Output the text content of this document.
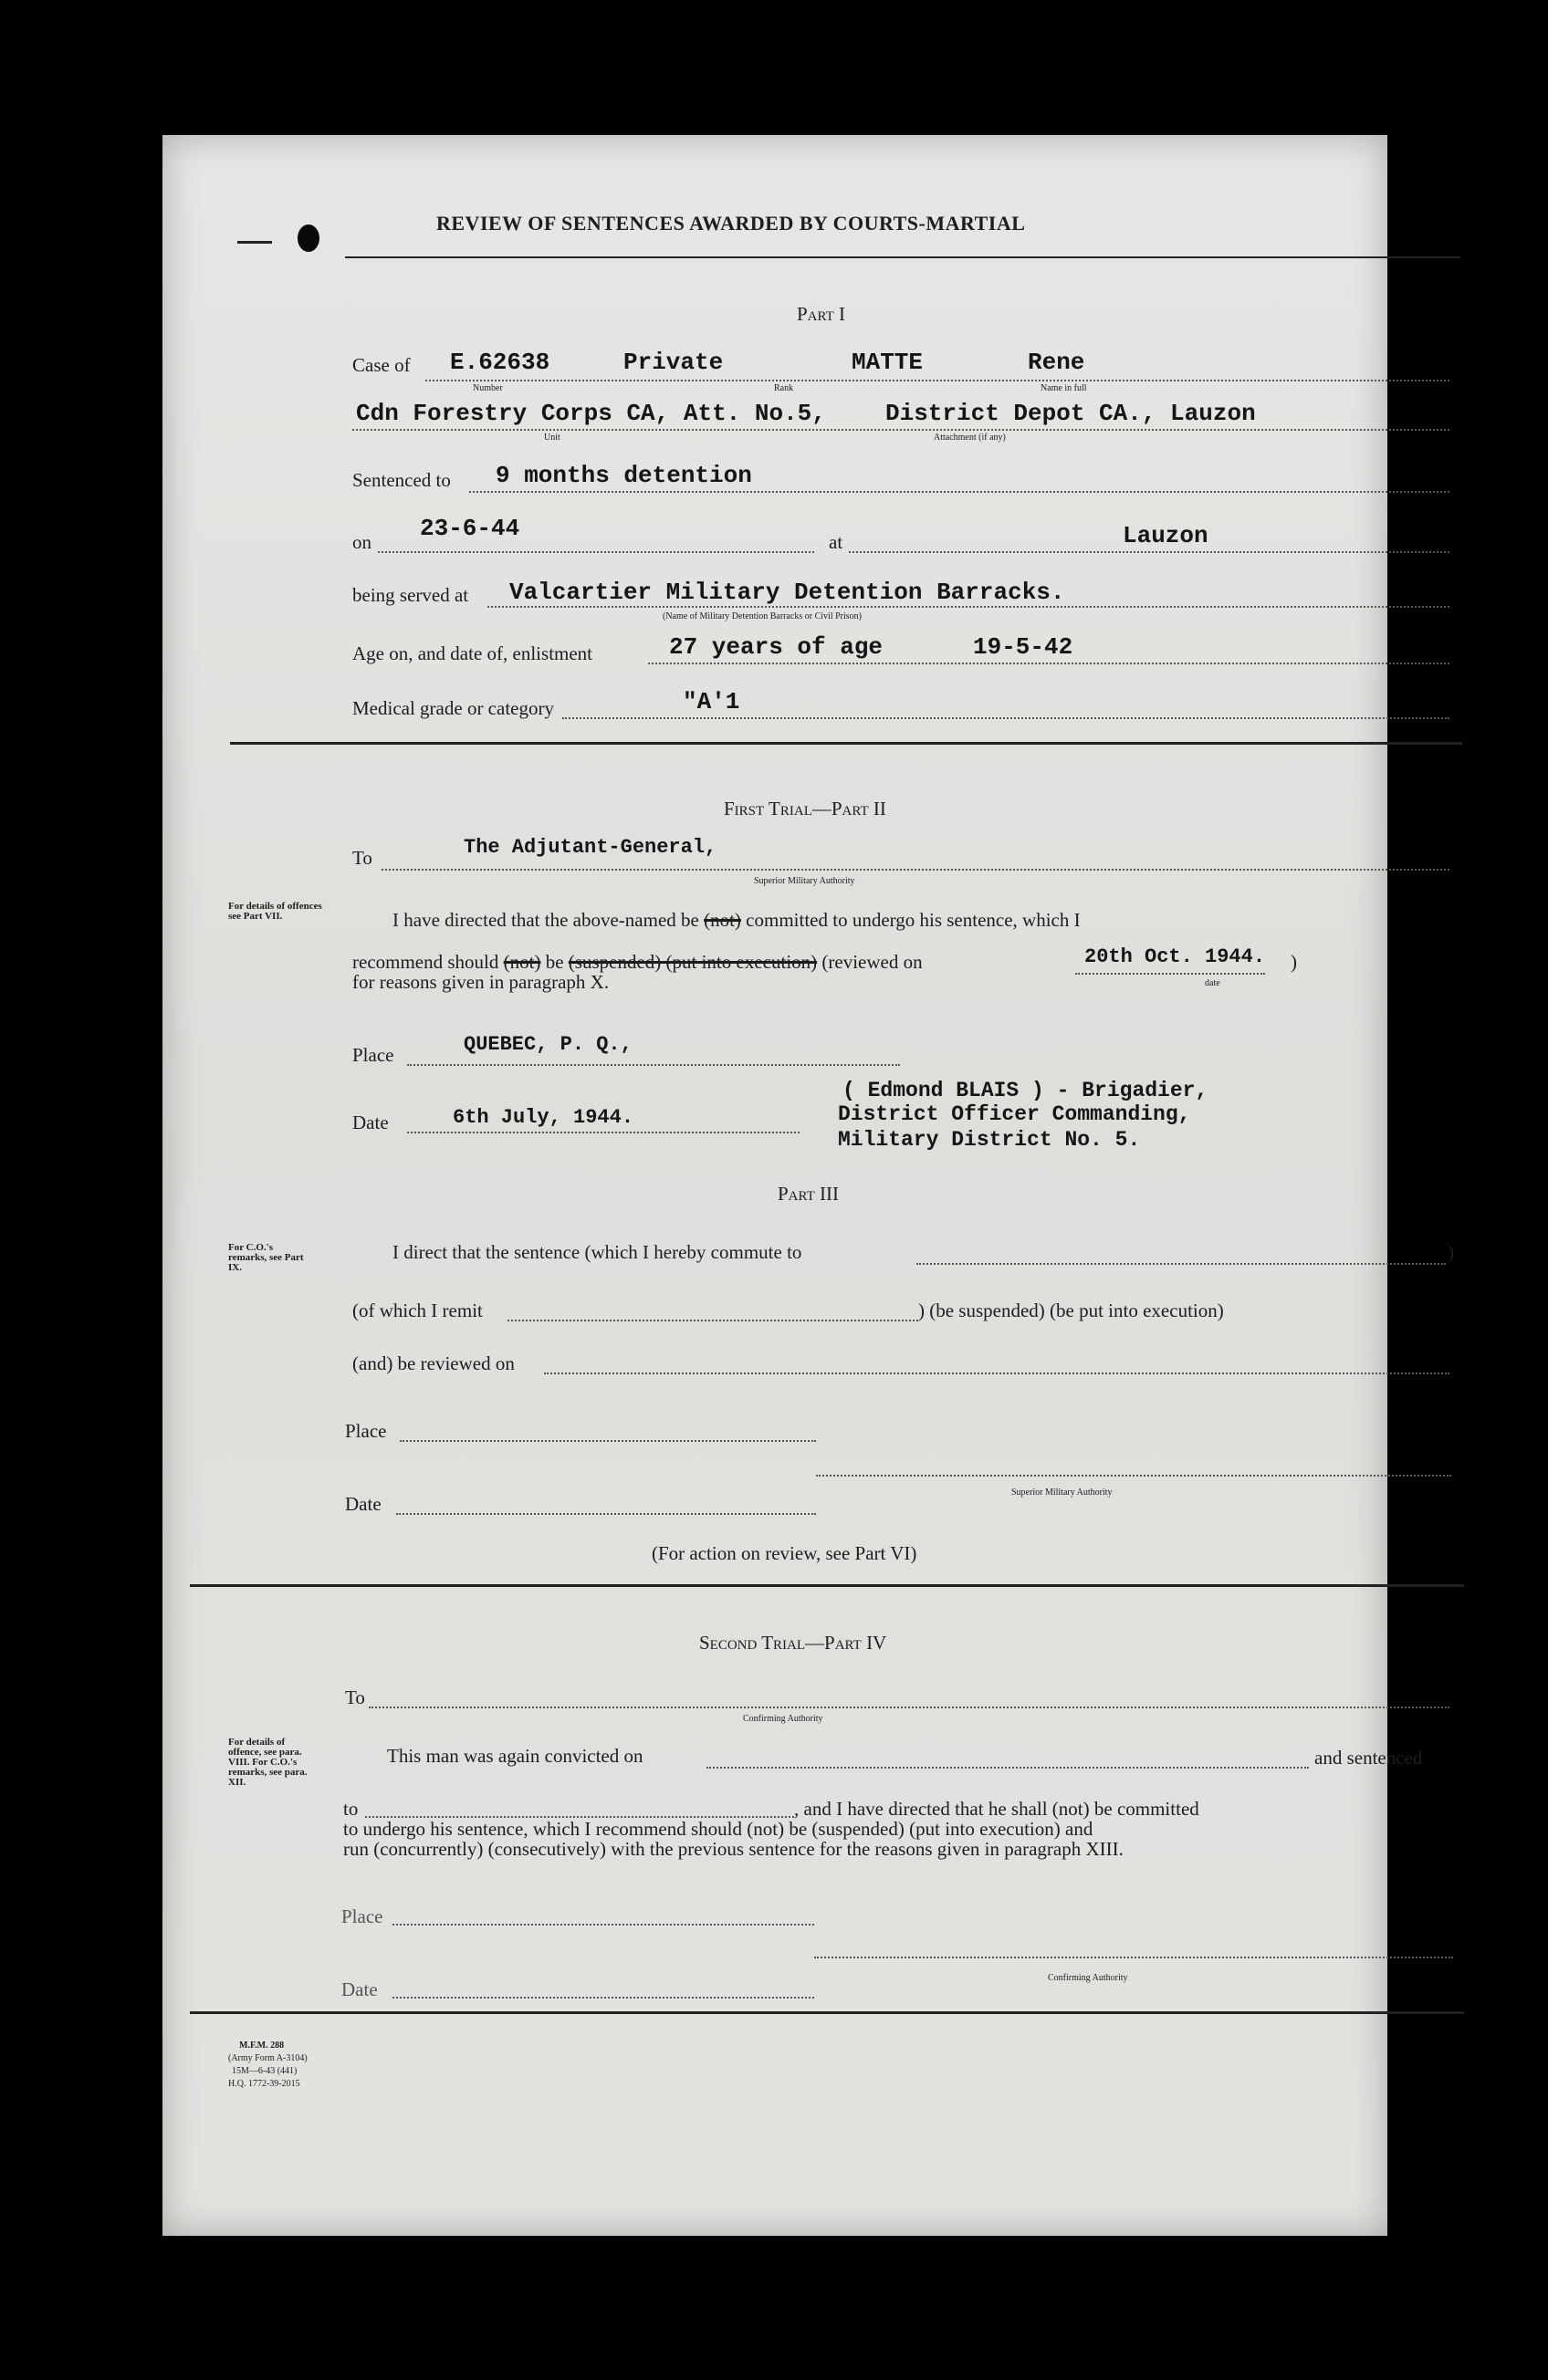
REVIEW OF SENTENCES AWARDED BY COURTS-MARTIAL
Part I
Case of E.62638	Private	MATTE	Rene
Number	Rank	Name in full
Cdn Forestry Corps CA, Att. No.5,	District Depot CA., Lauzon
Unit	Attachment (if any)
Sentenced to 9 months detention
on 23-6-44	at	Lauzon
being served at Valcartier Military Detention Barracks.
(Name of Military Detention Barracks or Civil Prison)
Age on, and date of, enlistment	27 years of age	19-5-42
Medical grade or category	"A'1
First Trial—Part II
To	The Adjutant-General,
Superior Military Authority
For details of offences see Part VII.	I have directed that the above-named be (not) committed to undergo his sentence, which I
recommend should (not) be (suspended) (put into execution) (reviewed on	20th Oct. 1944. )
date
for reasons given in paragraph X.
Place	QUEBEC, P. Q.,
Date	6th July, 1944.
( Edmond BLAIS ) - Brigadier,
District Officer Commanding,
Military District No. 5.
Part III
For C.O.'s remarks, see Part IX.
I direct that the sentence (which I hereby commute to	)
(of which I remit	) (be suspended) (be put into execution)
(and) be reviewed on
Place
Date
Superior Military Authority
(For action on review, see Part VI)
Second Trial—Part IV
To
Confirming Authority
For details of offence, see para. VIII. For C.O.'s remarks, see para. XII.
This man was again convicted on	and sentenced
to	, and I have directed that he shall (not) be committed
to undergo his sentence, which I recommend should (not) be (suspended) (put into execution) and
run (concurrently) (consecutively) with the previous sentence for the reasons given in paragraph XIII.
Place
Date
Confirming Authority
M.F.M. 288
(Army Form A-3104)
15M—6-43 (441)
H.Q. 1772-39-2015
